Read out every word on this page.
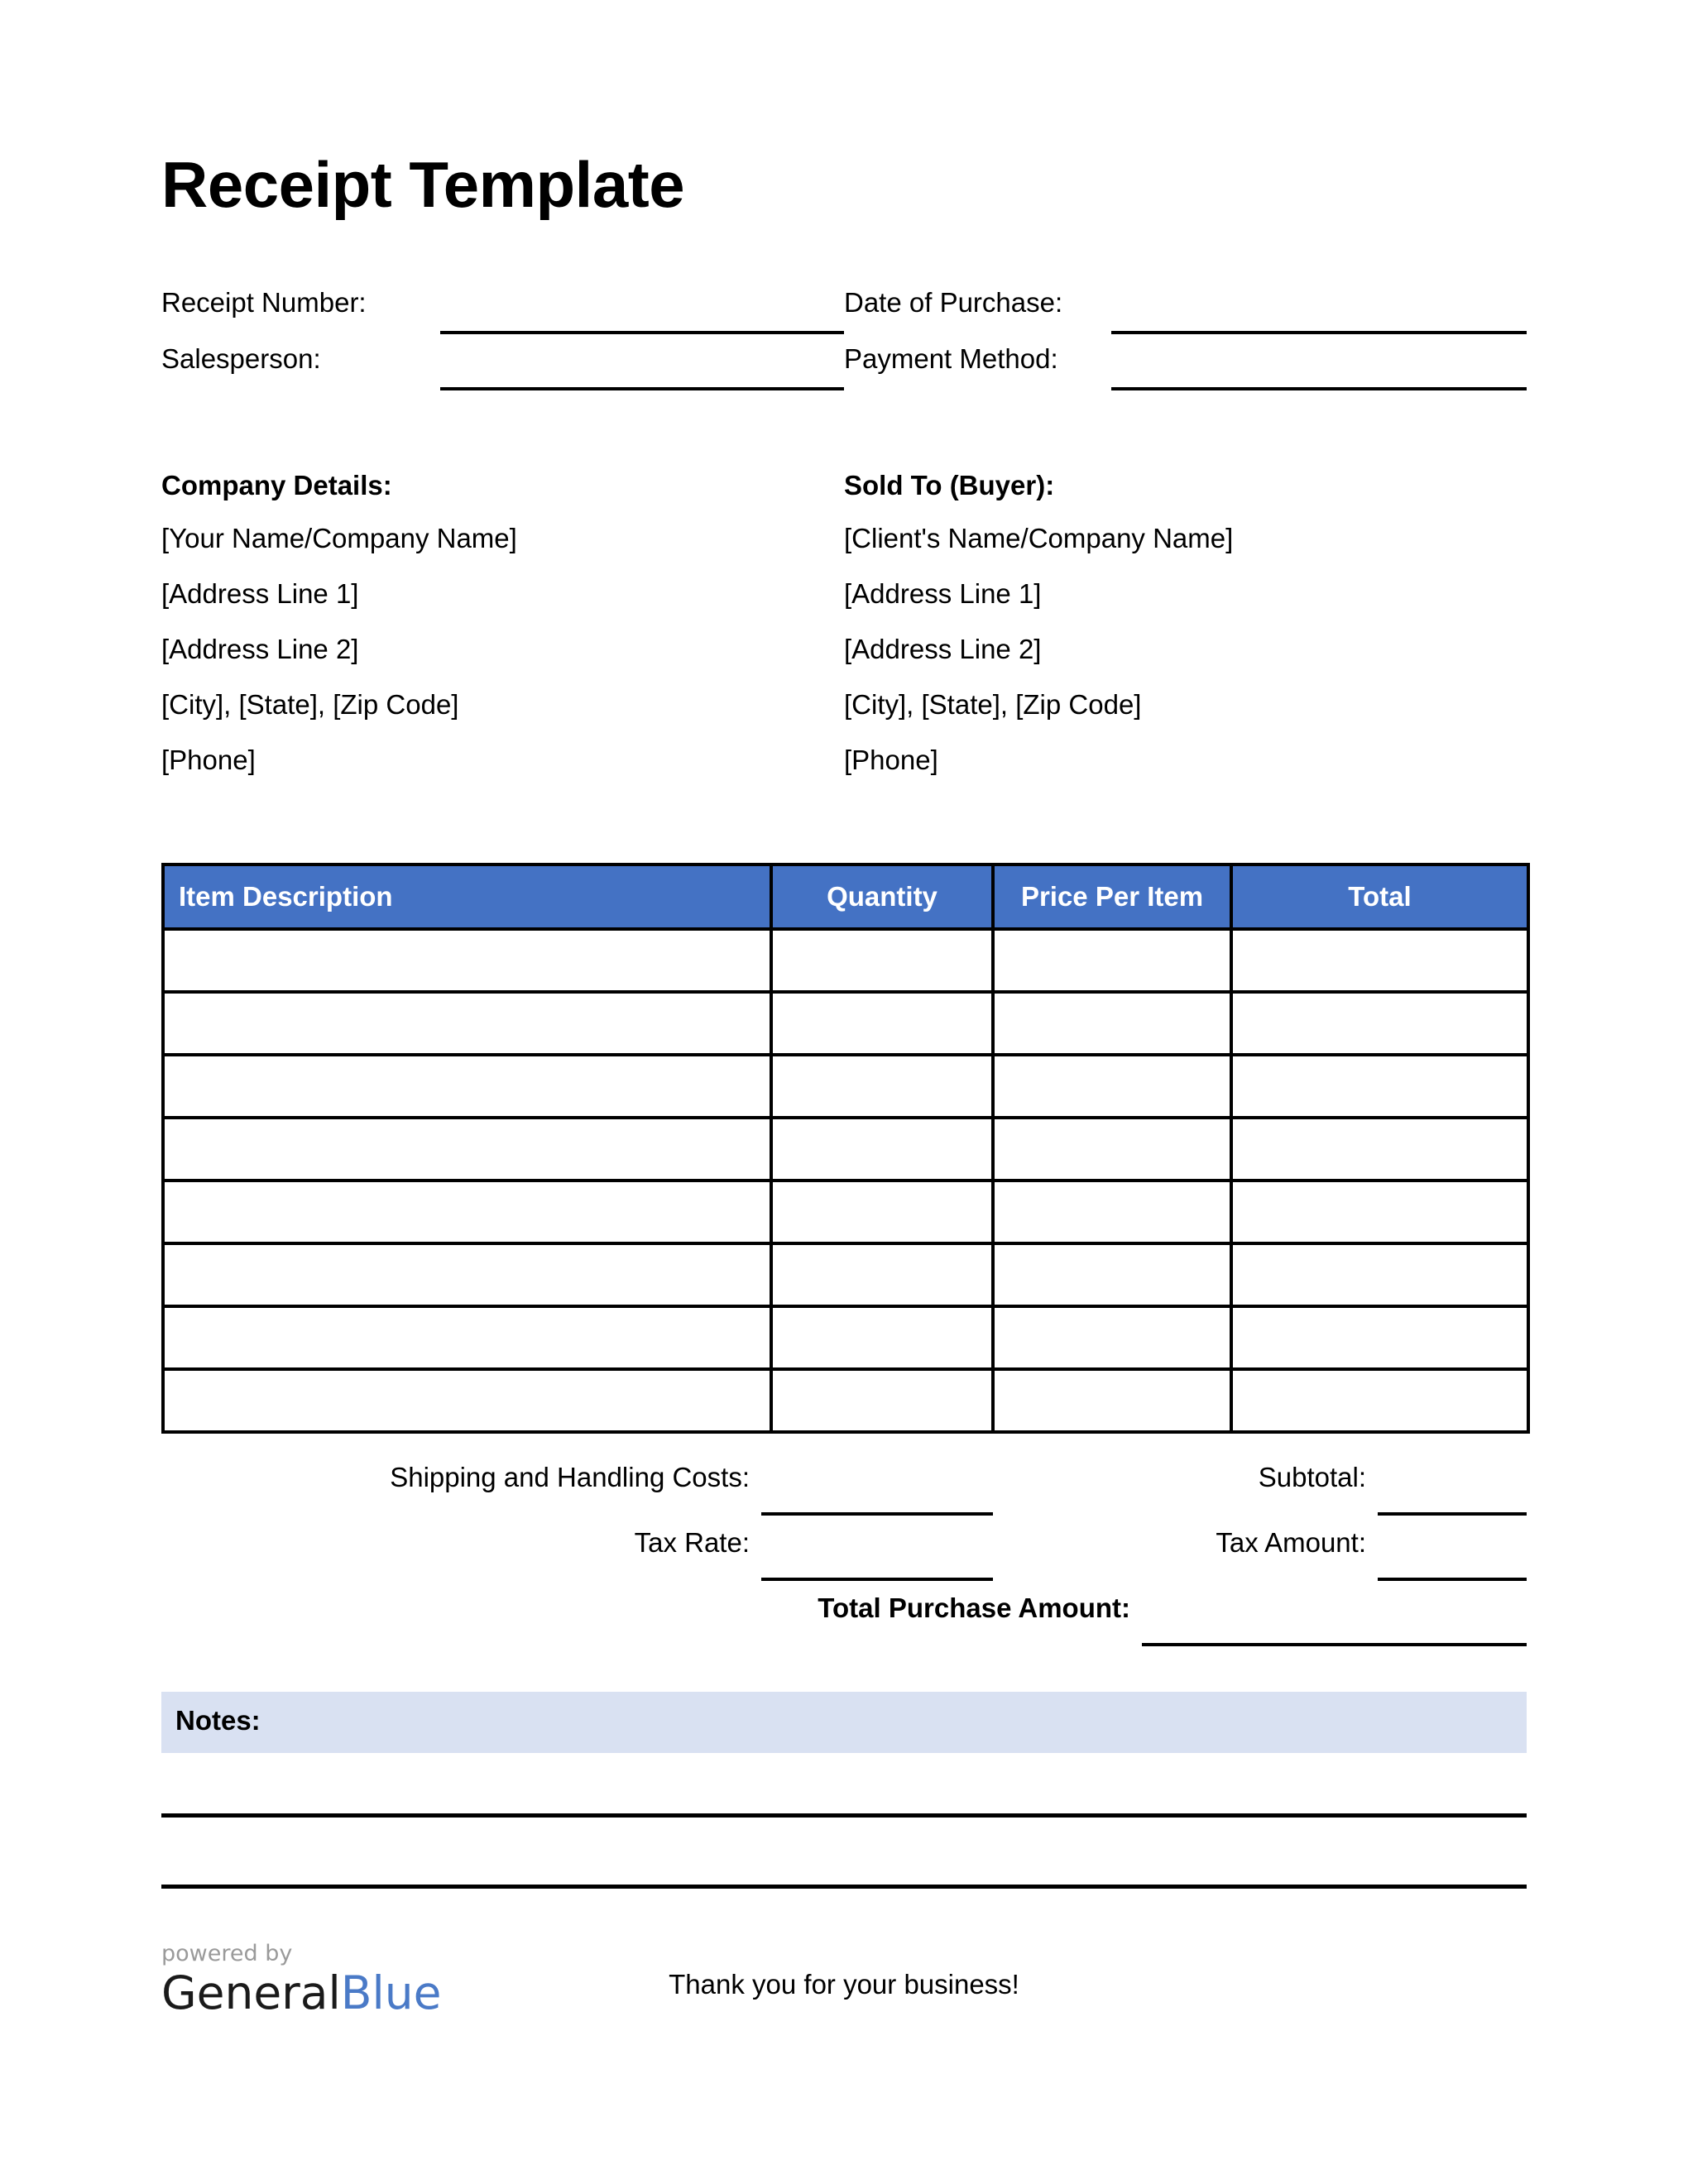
Receipt Template
Receipt Number:	Date of Purchase:
Salesperson:	Payment Method:
Company Details:
[Your Name/Company Name]
[Address Line 1]
[Address Line 2]
[City], [State], [Zip Code]
[Phone]
Sold To (Buyer):
[Client's Name/Company Name]
[Address Line 1]
[Address Line 2]
[City], [State], [Zip Code]
[Phone]
Item Description	Quantity	Price Per Item	Total

Shipping and Handling Costs:	Subtotal:
Tax Rate:	Tax Amount:
Total Purchase Amount:
Notes:
powered by
GeneralBlue	Thank you for your business!
